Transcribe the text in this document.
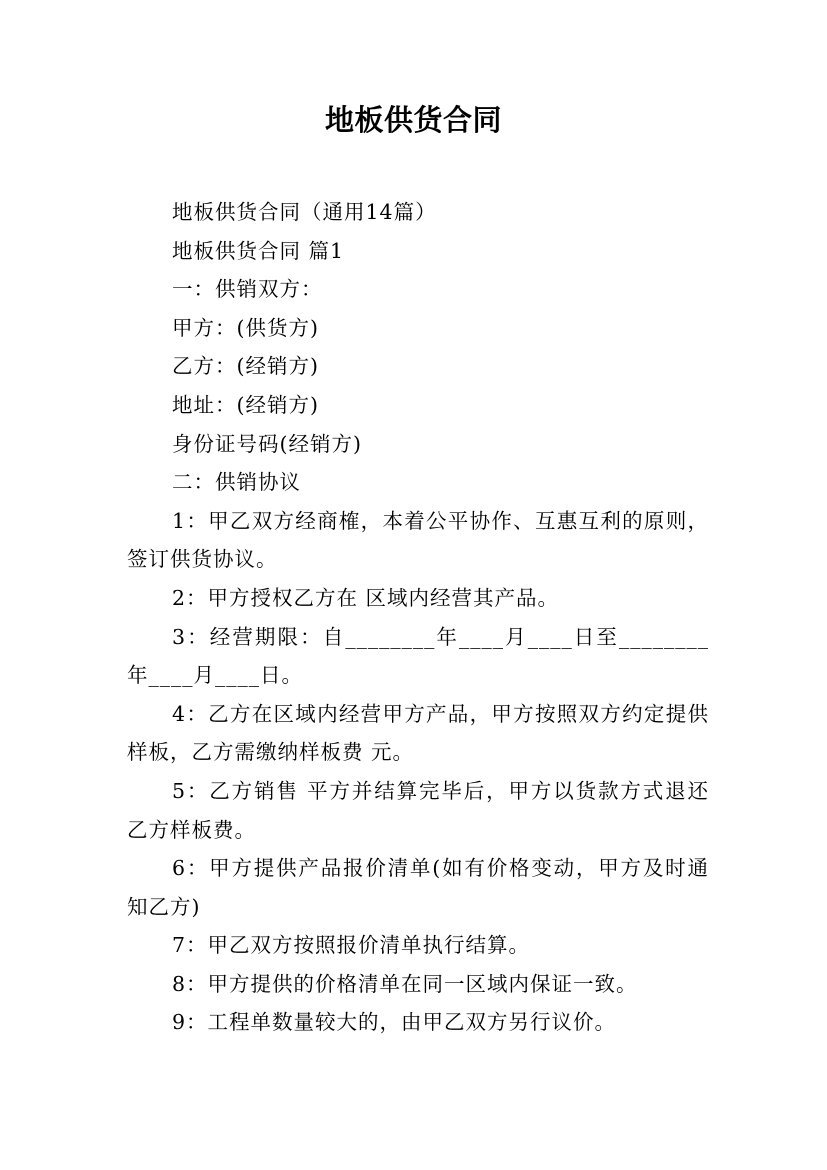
地板供货合同

地板供货合同（通用14篇）

地板供货合同 篇1

一：供销双方：

甲方：(供货方)

乙方：(经销方)

地址：(经销方)

身份证号码(经销方)

二：供销协议

1：甲乙双方经商榷，本着公平协作、互惠互利的原则，签订供货协议。

2：甲方授权乙方在 区域内经营其产品。

3：经营期限：自________年____月____日至________年____月____日。

4：乙方在区域内经营甲方产品，甲方按照双方约定提供样板，乙方需缴纳样板费 元。

5：乙方销售 平方并结算完毕后，甲方以货款方式退还乙方样板费。

6：甲方提供产品报价清单(如有价格变动，甲方及时通知乙方)

7：甲乙双方按照报价清单执行结算。

8：甲方提供的价格清单在同一区域内保证一致。

9：工程单数量较大的，由甲乙双方另行议价。
